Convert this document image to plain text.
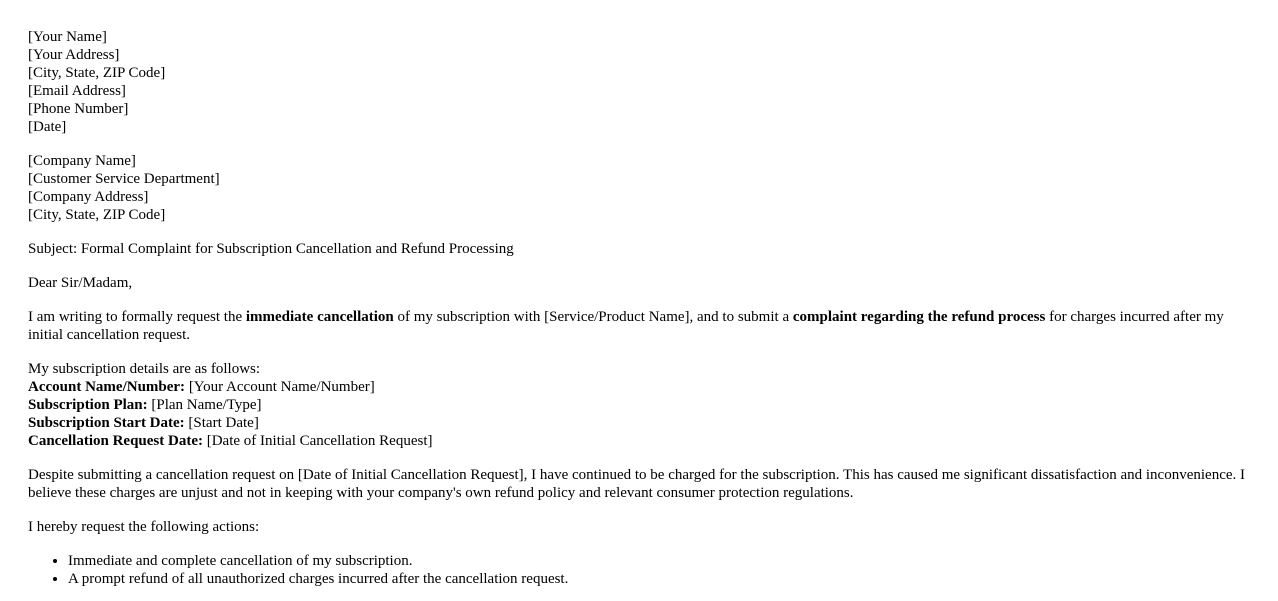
[Your Name]
[Your Address]
[City, State, ZIP Code]
[Email Address]
[Phone Number]
[Date]
[Company Name]
[Customer Service Department]
[Company Address]
[City, State, ZIP Code]

Subject: Formal Complaint for Subscription Cancellation and Refund Processing

Dear Sir/Madam,

I am writing to formally request the immediate cancellation of my subscription with [Service/Product Name], and to submit a complaint regarding the refund process for charges incurred after my initial cancellation request.

My subscription details are as follows:
Account Name/Number: [Your Account Name/Number]
Subscription Plan: [Plan Name/Type]
Subscription Start Date: [Start Date]
Cancellation Request Date: [Date of Initial Cancellation Request]

Despite submitting a cancellation request on [Date of Initial Cancellation Request], I have continued to be charged for the subscription. This has caused me significant dissatisfaction and inconvenience. I believe these charges are unjust and not in keeping with your company's own refund policy and relevant consumer protection regulations.

I hereby request the following actions:

• Immediate and complete cancellation of my subscription.
• A prompt refund of all unauthorized charges incurred after the cancellation request.
